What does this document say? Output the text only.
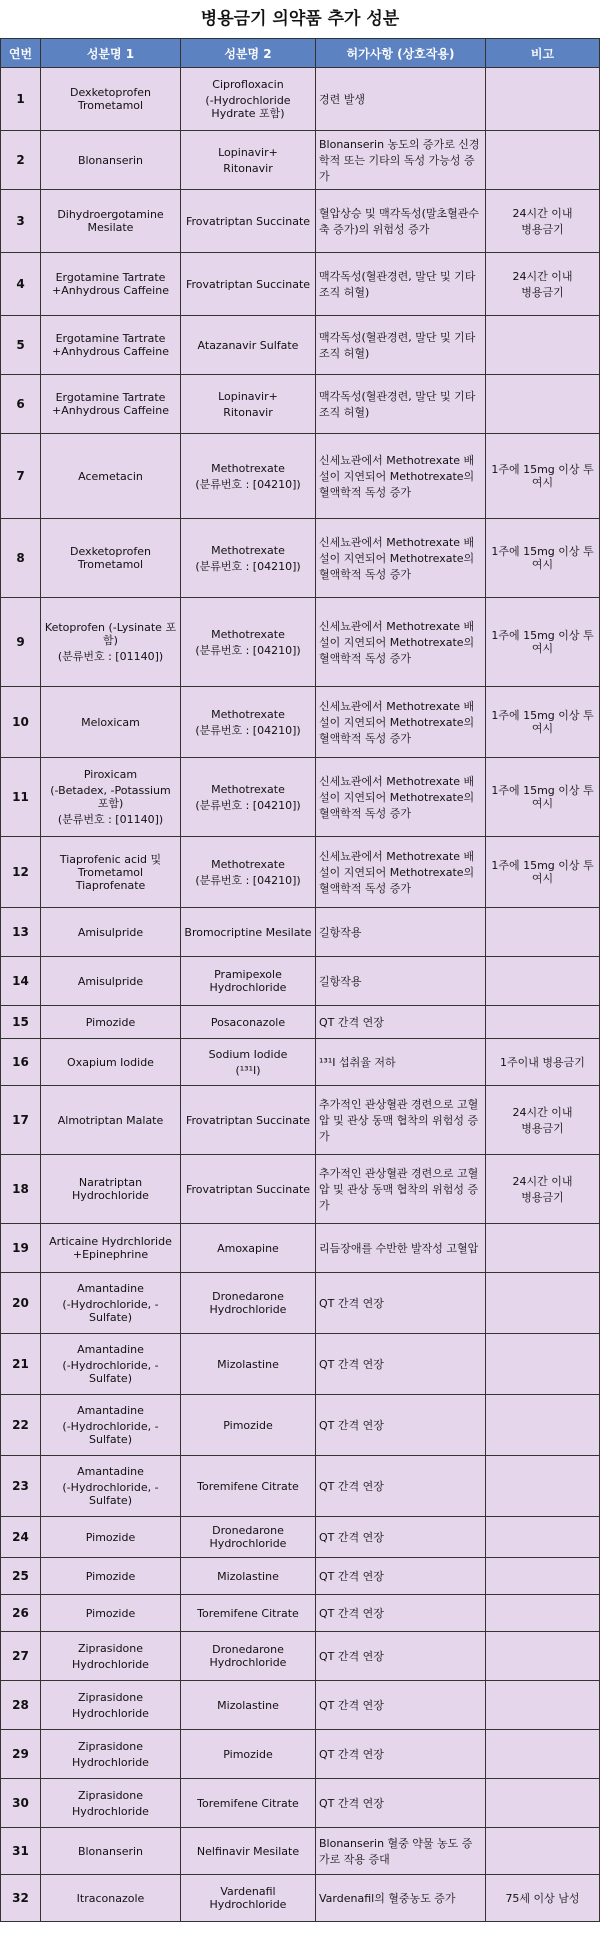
병용금기 의약품 추가 성분
연번	성분명 1	성분명 2	허가사항 (상호작용)	비고
1	Dexketoprofen Trometamol	Ciprofloxacin
(-Hydrochloride Hydrate 포함)	경련 발생	
2	Blonanserin	Lopinavir+
Ritonavir	Blonanserin 농도의 증가로 신경학적 또는 기타의 독성 가능성 증가	
3	Dihydroergotamine Mesilate	Frovatriptan Succinate	혈압상승 및 맥각독성(말초혈관수축 증가)의 위험성 증가	24시간 이내
병용금기

4	Ergotamine Tartrate +Anhydrous Caffeine	Frovatriptan Succinate	맥각독성(혈관경련, 말단 및 기타조직 허혈)	24시간 이내
병용금기

5	Ergotamine Tartrate +Anhydrous Caffeine	Atazanavir Sulfate	맥각독성(혈관경련, 말단 및 기타조직 허혈)	
6	Ergotamine Tartrate +Anhydrous Caffeine	Lopinavir+
Ritonavir	맥각독성(혈관경련, 말단 및 기타조직 허혈)	
7	Acemetacin	Methotrexate
(분류번호 : [04210])	신세뇨관에서 Methotrexate 배설이 지연되어 Methotrexate의 혈액학적 독성 증가	1주에 15mg 이상 투여시

8	Dexketoprofen Trometamol	Methotrexate
(분류번호 : [04210])	신세뇨관에서 Methotrexate 배설이 지연되어 Methotrexate의 혈액학적 독성 증가	1주에 15mg 이상 투여시

9	Ketoprofen (-Lysinate 포함)
(분류번호 : [01140])	Methotrexate
(분류번호 : [04210])	신세뇨관에서 Methotrexate 배설이 지연되어 Methotrexate의 혈액학적 독성 증가	1주에 15mg 이상 투여시

10	Meloxicam	Methotrexate
(분류번호 : [04210])	신세뇨관에서 Methotrexate 배설이 지연되어 Methotrexate의 혈액학적 독성 증가	1주에 15mg 이상 투여시

11	Piroxicam
(-Betadex, -Potassium 포함)
(분류번호 : [01140])	Methotrexate
(분류번호 : [04210])	신세뇨관에서 Methotrexate 배설이 지연되어 Methotrexate의 혈액학적 독성 증가	1주에 15mg 이상 투여시

12	Tiaprofenic acid 및 Trometamol Tiaprofenate	Methotrexate
(분류번호 : [04210])	신세뇨관에서 Methotrexate 배설이 지연되어 Methotrexate의 혈액학적 독성 증가	1주에 15mg 이상 투여시

13	Amisulpride	Bromocriptine Mesilate	길항작용	
14	Amisulpride	Pramipexole Hydrochloride	길항작용	
15	Pimozide	Posaconazole	QT 간격 연장	
16	Oxapium Iodide	Sodium Iodide
(¹³¹I)	¹³¹I 섭취율 저하	1주이내 병용금기

17	Almotriptan Malate	Frovatriptan Succinate	추가적인 관상혈관 경련으로 고혈압 및 관상 동맥 협착의 위험성 증가	24시간 이내
병용금기

18	Naratriptan Hydrochloride	Frovatriptan Succinate	추가적인 관상혈관 경련으로 고혈압 및 관상 동맥 협착의 위험성 증가	24시간 이내
병용금기

19	Articaine Hydrchloride +Epinephrine	Amoxapine	리듬장애를 수반한 발작성 고혈압	
20	Amantadine
(-Hydrochloride, -Sulfate)	Dronedarone Hydrochloride	QT 간격 연장	
21	Amantadine
(-Hydrochloride, -Sulfate)	Mizolastine	QT 간격 연장	
22	Amantadine
(-Hydrochloride, -Sulfate)	Pimozide	QT 간격 연장	
23	Amantadine
(-Hydrochloride, -Sulfate)	Toremifene Citrate	QT 간격 연장	
24	Pimozide	Dronedarone Hydrochloride	QT 간격 연장	
25	Pimozide	Mizolastine	QT 간격 연장	
26	Pimozide	Toremifene Citrate	QT 간격 연장	
27	Ziprasidone
Hydrochloride	Dronedarone Hydrochloride	QT 간격 연장	
28	Ziprasidone
Hydrochloride	Mizolastine	QT 간격 연장	
29	Ziprasidone
Hydrochloride	Pimozide	QT 간격 연장	
30	Ziprasidone
Hydrochloride	Toremifene Citrate	QT 간격 연장	
31	Blonanserin	Nelfinavir Mesilate	Blonanserin 혈중 약물 농도 증가로 작용 증대	
32	Itraconazole	Vardenafil Hydrochloride	Vardenafil의 혈중농도 증가	75세 이상 남성
